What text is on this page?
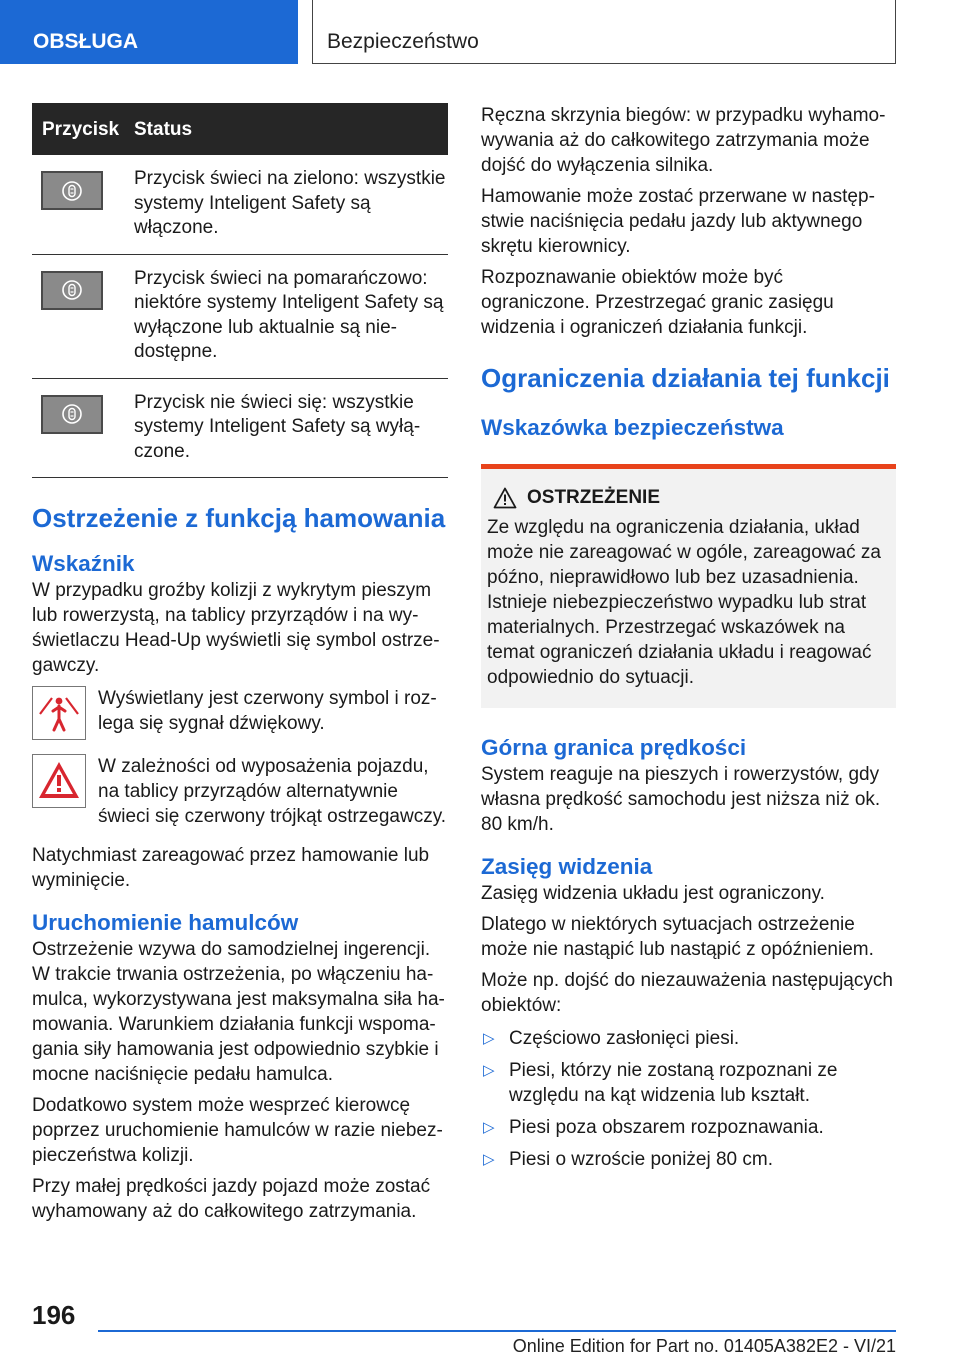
OBSŁUGA	Bezpieczeństwo
Przycisk	Status

	Przycisk świeci na zielono: wszystkie systemy Inteligent Safety są włączone.

	Przycisk świeci na pomarańczowo: niektóre systemy Inteligent Safety są wyłączone lub aktualnie są niedostępne.

	Przycisk nie świeci się: wszystkie systemy Inteligent Safety są wyłączone.
Ostrzeżenie z funkcją hamowania
Wskaźnik

W przypadku groźby kolizji z wykrytym pieszym lub rowerzystą, na tablicy przyrządów i na wyświetlaczu Head-Up wyświetli się symbol ostrzegawczy.

Wyświetlany jest czerwony symbol i rozlega się sygnał dźwiękowy.

W zależności od wyposażenia pojazdu, na tablicy przyrządów alternatywnie świeci się czerwony trójkąt ostrzegawczy.

Natychmiast zareagować przez hamowanie lub wyminięcie.

Uruchomienie hamulców

Ostrzeżenie wzywa do samodzielnej ingerencji. W trakcie trwania ostrzeżenia, po włączeniu hamulca, wykorzystywana jest maksymalna siła hamowania. Warunkiem działania funkcji wspomagania siły hamowania jest odpowiednio szybkie i mocne naciśnięcie pedału hamulca.

Dodatkowo system może wesprzeć kierowcę poprzez uruchomienie hamulców w razie niebezpieczeństwa kolizji.

Przy małej prędkości jazdy pojazd może zostać wyhamowany aż do całkowitego zatrzymania.

Ręczna skrzynia biegów: w przypadku wyhamowywania aż do całkowitego zatrzymania może dojść do wyłączenia silnika.

Hamowanie może zostać przerwane w następstwie naciśnięcia pedału jazdy lub aktywnego skrętu kierownicy.

Rozpoznawanie obiektów może być ograniczone. Przestrzegać granic zasięgu widzenia i ograniczeń działania funkcji.

Ograniczenia działania tej funkcji
Wskazówka bezpieczeństwa
OSTRZEŻENIE

Ze względu na ograniczenia działania, układ może nie zareagować w ogóle, zareagować za późno, nieprawidłowo lub bez uzasadnienia. Istnieje niebezpieczeństwo wypadku lub strat materialnych. Przestrzegać wskazówek na temat ograniczeń działania układu i reagować odpowiednio do sytuacji.

Górna granica prędkości

System reaguje na pieszych i rowerzystów, gdy własna prędkość samochodu jest niższa niż ok. 80 km/h.

Zasięg widzenia

Zasięg widzenia układu jest ograniczony.

Dlatego w niektórych sytuacjach ostrzeżenie może nie nastąpić lub nastąpić z opóźnieniem.

Może np. dojść do niezauważenia następujących obiektów:

▷ Częściowo zasłonięci piesi.
▷ Piesi, którzy nie zostaną rozpoznani ze względu na kąt widzenia lub kształt.
▷ Piesi poza obszarem rozpoznawania.
▷ Piesi o wzroście poniżej 80 cm.
196
Online Edition for Part no. 01405A382E2 - VI/21
